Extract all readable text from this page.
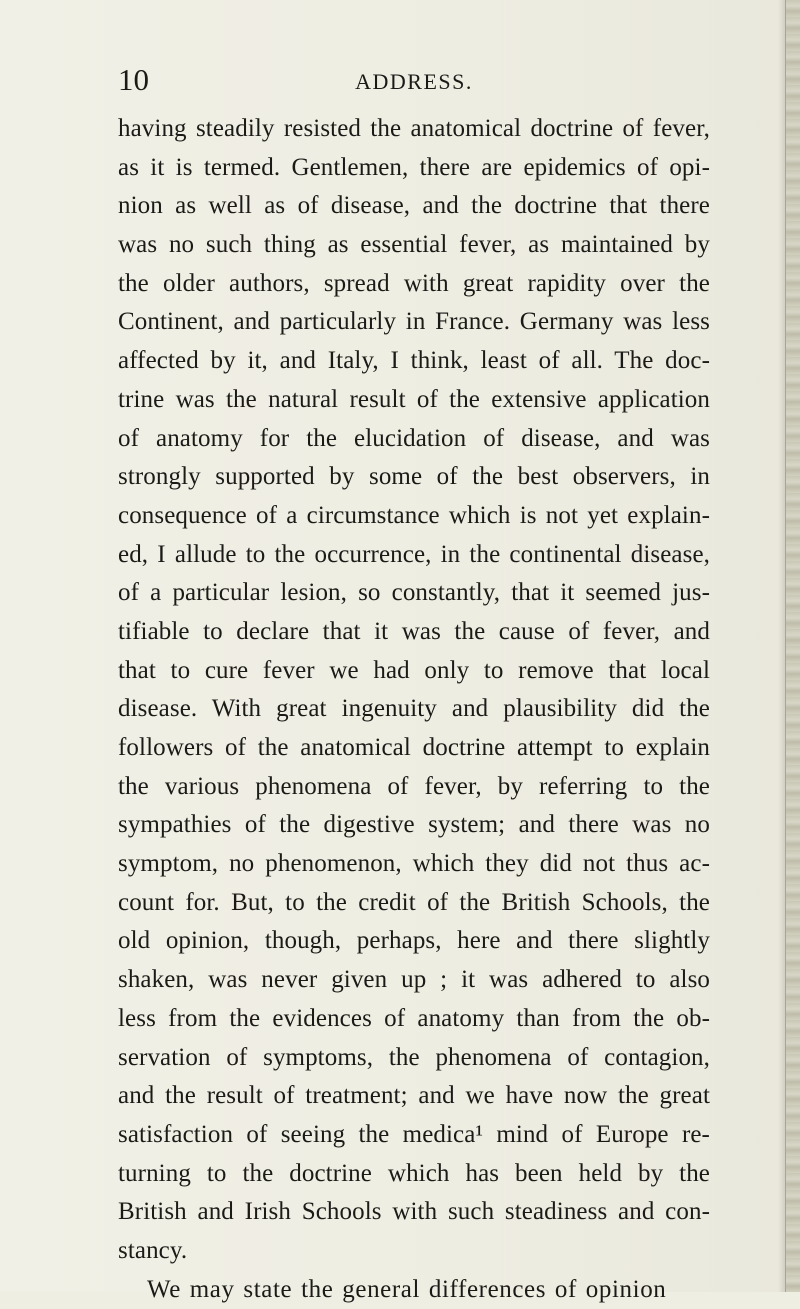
10	ADDRESS.
having steadily resisted the anatomical doctrine of fever,
as it is termed. Gentlemen, there are epidemics of opi-
nion as well as of disease, and the doctrine that there
was no such thing as essential fever, as maintained by
the older authors, spread with great rapidity over the
Continent, and particularly in France. Germany was less
affected by it, and Italy, I think, least of all. The doc-
trine was the natural result of the extensive application
of anatomy for the elucidation of disease, and was
strongly supported by some of the best observers, in
consequence of a circumstance which is not yet explain-
ed, I allude to the occurrence, in the continental disease,
of a particular lesion, so constantly, that it seemed jus-
tifiable to declare that it was the cause of fever, and
that to cure fever we had only to remove that local
disease. With great ingenuity and plausibility did the
followers of the anatomical doctrine attempt to explain
the various phenomena of fever, by referring to the
sympathies of the digestive system; and there was no
symptom, no phenomenon, which they did not thus ac-
count for. But, to the credit of the British Schools, the
old opinion, though, perhaps, here and there slightly
shaken, was never given up ; it was adhered to also
less from the evidences of anatomy than from the ob-
servation of symptoms, the phenomena of contagion,
and the result of treatment; and we have now the great
satisfaction of seeing the medica¹ mind of Europe re-
turning to the doctrine which has been held by the
British and Irish Schools with such steadiness and con-
stancy.
We may state the general differences of opinion
